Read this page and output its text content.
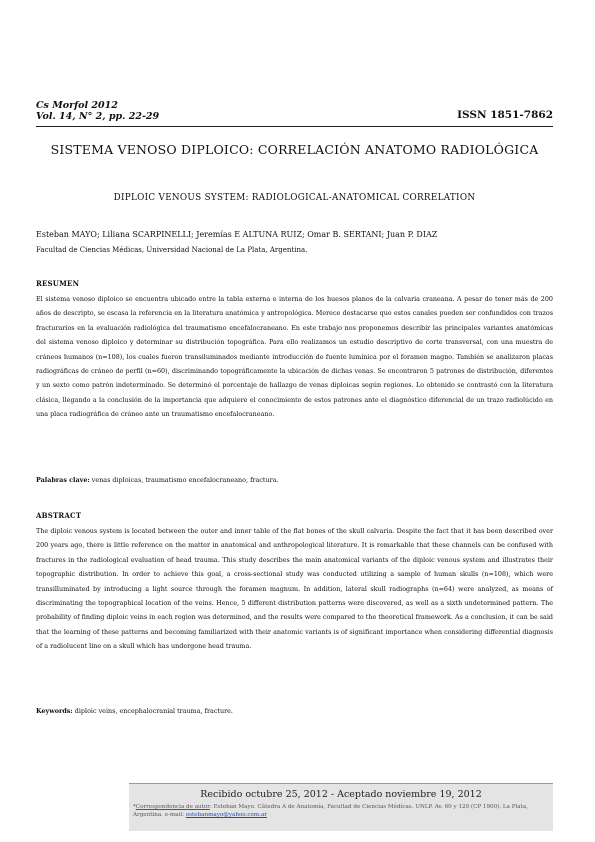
Cs Morfol 2012
Vol. 14, N° 2, pp. 22-29	ISSN 1851-7862
SISTEMA VENOSO DIPLOICO: CORRELACIÓN ANATOMO RADIOLÓGICA
DIPLOIC VENOUS SYSTEM: RADIOLOGICAL-ANATOMICAL CORRELATION
Esteban MAYO; Liliana SCARPINELLI; Jeremías E ALTUNA RUIZ; Omar B. SERTANI; Juan P. DIAZ
Facultad de Ciencias Médicas, Universidad Nacional de La Plata, Argentina.
RESUMEN

El sistema venoso diploico se encuentra ubicado entre la tabla externa e interna de los huesos planos de la calvaria craneana. A pesar de tener más de 200 años de descripto, se escasa la referencia en la literatura anatómica y antropológica. Merece destacarse que estos canales pueden ser confundidos con trazos fracturarios en la evaluación radiológica del traumatismo encefalocraneano. En este trabajo nos proponemos describir las principales variantes anatómicas del sistema venoso diploico y determinar su distribución topográfica. Para ello realizamos un estudio descriptivo de corte transversal, con una muestra de cráneos humanos (n=108), los cuales fueron transiluminados mediante introducción de fuente lumínica por el foramen magno. También se analizaron placas radiográficas de cráneo de perfil (n=60), discriminando topográficamente la ubicación de dichas venas. Se encontraron 5 patrones de distribución, diferentes y un sexto como patrón indeterminado. Se determinó el porcentaje de hallazgo de venas diploicas según regiones. Lo obtenido se contrastó con la literatura clásica, llegando a la conclusión de la importancia que adquiere el conocimiento de estos patrones ante el diagnóstico diferencial de un trazo radiolúcido en una placa radiográfica de cráneo ante un traumatismo encefalocraneano.

Palabras clave: venas diploicas, traumatismo encefalocraneano, fractura.
ABSTRACT

The diploic venous system is located between the outer and inner table of the flat bones of the skull calvaria. Despite the fact that it has been described over 200 years ago, there is little reference on the matter in anatomical and anthropological literature. It is remarkable that these channels can be confused with fractures in the radiological evaluation of head trauma. This study describes the main anatomical variants of the diploic venous system and illustrates their topographic distribution. In order to achieve this goal, a cross-sectional study was conducted utilizing a sample of human skulls (n=108), which were transilluminated by introducing a light source through the foramen magnum. In addition, lateral skull radiographs (n=64) were analyzed, as means of discriminating the topographical location of the veins. Hence, 5 different distribution patterns were discovered, as well as a sixth undetermined pattern. The probability of finding diploic veins in each region was determined, and the results were compared to the theoretical framework. As a conclusion, it can be said that the learning of these patterns and becoming familiarized with their anatomic variants is of significant importance when considering differential diagnosis of a radiolucent line on a skull which has undergone head trauma.

Keywords: diploic veins, encephalocranial trauma, fracture.
Recibido octubre 25, 2012 - Aceptado noviembre 19, 2012
*Correspondencia de autor: Esteban Mayo. Cátedra A de Anatomía, Facultad de Ciencias Médicas. UNLP. Av. 60 y 120 (CP 1900). La Plata, Argentina. e-mail: estebanmayo@yahoo.com.ar
